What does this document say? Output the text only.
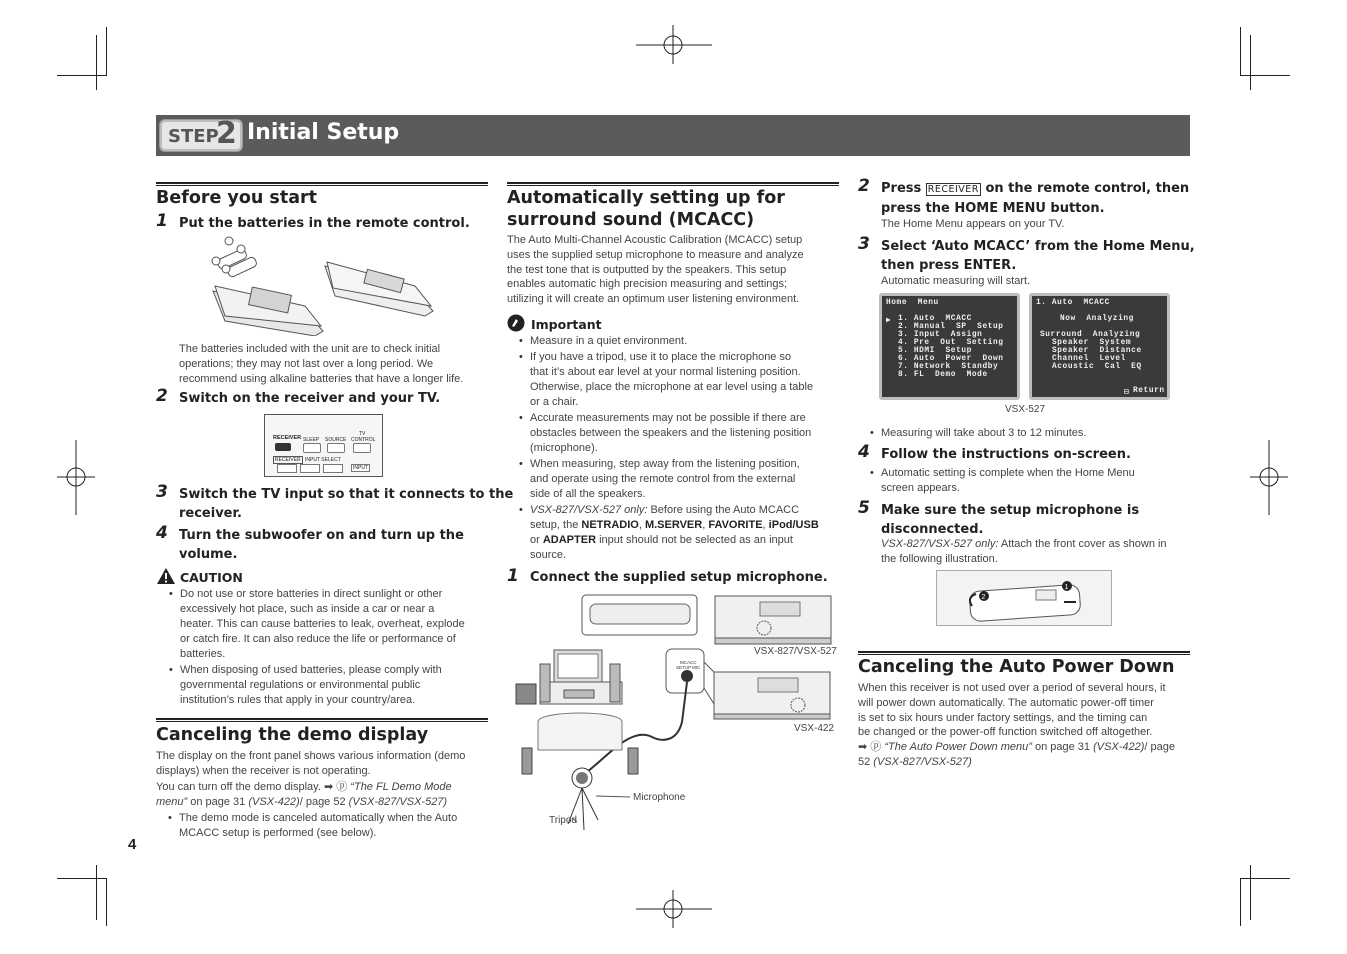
STEP
2 Initial Setup
Before you start
1 Put the batteries in the remote control.
The batteries included with the unit are to check initial
operations; they may not last over a long period. We
recommend using alkaline batteries that have a longer life.
2 Switch on the receiver and your TV.
RECEIVER SLEEP SOURCE
TV
CONTROL
RECEIVER INPUT SELECT
INPUT
3 Switch the TV input so that it connects to the
receiver.
4 Turn the subwoofer on and turn up the
volume.
CAUTION
• Do not use or store batteries in direct sunlight or other
excessively hot place, such as inside a car or near a
heater. This can cause batteries to leak, overheat, explode
or catch fire. It can also reduce the life or performance of
batteries.
• When disposing of used batteries, please comply with
governmental regulations or environmental public
institution’s rules that apply in your country/area.
Canceling the demo display
The display on the front panel shows various information (demo
displays) when the receiver is not operating.
You can turn off the demo display. ➡ ⓟ “The FL Demo Mode
menu” on page 31 (VSX-422)/ page 52 (VSX-827/VSX-527)
• The demo mode is canceled automatically when the Auto
MCACC setup is performed (see below).
4
Automatically setting up for
surround sound (MCACC)
The Auto Multi-Channel Acoustic Calibration (MCACC) setup
uses the supplied setup microphone to measure and analyze
the test tone that is outputted by the speakers. This setup
enables automatic high precision measuring and settings;
utilizing it will create an optimum user listening environment.
Important
• Measure in a quiet environment.
• If you have a tripod, use it to place the microphone so
that it’s about ear level at your normal listening position.
Otherwise, place the microphone at ear level using a table
or a chair.
• Accurate measurements may not be possible if there are
obstacles between the speakers and the listening position
(microphone).
• When measuring, step away from the listening position,
and operate using the remote control from the external
side of all the speakers.
• VSX-827/VSX-527 only: Before using the Auto MCACC
setup, the NETRADIO, M.SERVER, FAVORITE, iPod/USB
or ADAPTER input should not be selected as an input
source.
1 Connect the supplied setup microphone.
VSX-827/VSX-527
VSX-422
Microphone
Tripod
MCACC
SETUP MIC
2 Press RECEIVER on the remote control, then
press the HOME MENU button.
The Home Menu appears on your TV.
3 Select ‘Auto MCACC’ from the Home Menu,
then press ENTER.
Automatic measuring will start.
Home  Menu
▶ 1. Auto  MCACC
2. Manual  SP  Setup
3. Input  Assign
4. Pre  Out  Setting
5. HDMI  Setup
6. Auto  Power  Down
7. Network  Standby
8. FL  Demo  Mode
1. Auto  MCACC
Now  Analyzing
Surround  Analyzing
Speaker  System
Speaker  Distance
Channel  Level
Acoustic  Cal  EQ
⊟ Return
VSX-527
• Measuring will take about 3 to 12 minutes.
4 Follow the instructions on-screen.
• Automatic setting is complete when the Home Menu
screen appears.
5 Make sure the setup microphone is
disconnected.
VSX-827/VSX-527 only: Attach the front cover as shown in
the following illustration.
1
2
Canceling the Auto Power Down
When this receiver is not used over a period of several hours, it
will power down automatically. The automatic power-off timer
is set to six hours under factory settings, and the timing can
be changed or the power-off function switched off altogether.
➡ ⓟ “The Auto Power Down menu” on page 31 (VSX-422)/ page
52 (VSX-827/VSX-527)
